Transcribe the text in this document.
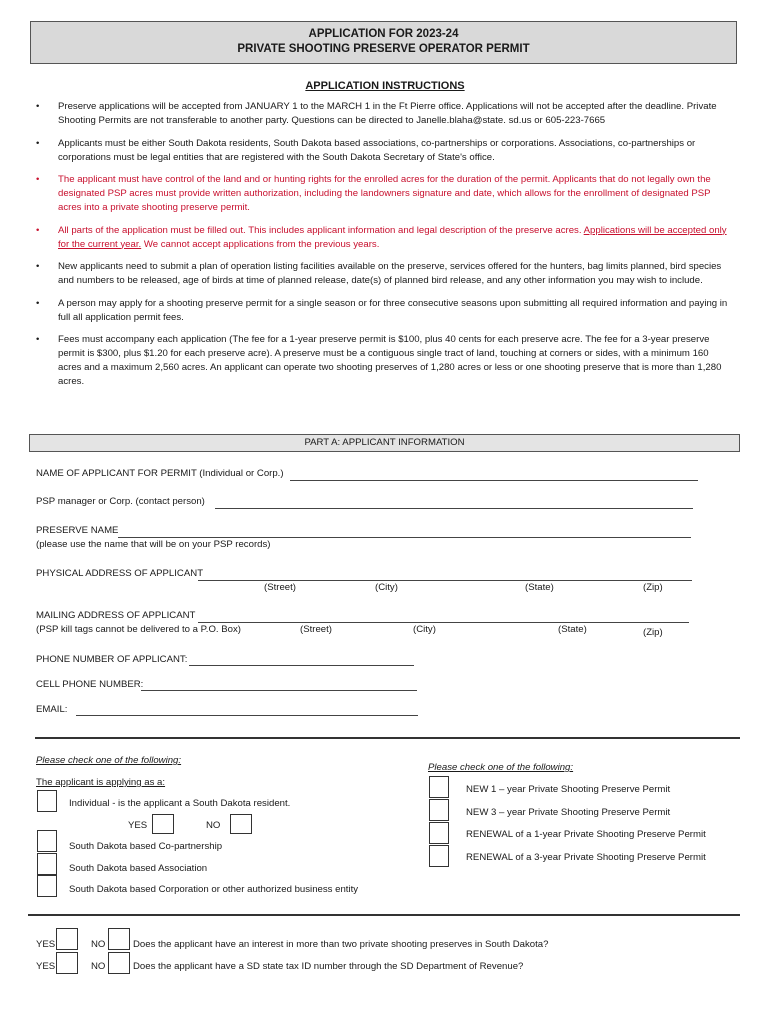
APPLICATION FOR 2023-24
PRIVATE SHOOTING PRESERVE OPERATOR PERMIT
APPLICATION INSTRUCTIONS
• Preserve applications will be accepted from JANUARY 1 to the MARCH 1 in the Ft Pierre office. Applications will not be accepted after the deadline. Private Shooting Permits are not transferable to another party. Questions can be directed to Janelle.blaha@state. sd.us or 605-223-7665
• Applicants must be either South Dakota residents, South Dakota based associations, co-partnerships or corporations. Associations, co-partnerships or corporations must be legal entities that are registered with the South Dakota Secretary of State's office.
• The applicant must have control of the land and or hunting rights for the enrolled acres for the duration of the permit. Applicants that do not legally own the designated PSP acres must provide written authorization, including the landowners signature and date, which allows for the enrollment of designated PSP acres into a private shooting preserve permit.
• All parts of the application must be filled out. This includes applicant information and legal description of the preserve acres. Applications will be accepted only for the current year. We cannot accept applications from the previous years.
• New applicants need to submit a plan of operation listing facilities available on the preserve, services offered for the hunters, bag limits planned, bird species and numbers to be released, age of birds at time of planned release, date(s) of planned bird release, and any other information you may wish to include.
• A person may apply for a shooting preserve permit for a single season or for three consecutive seasons upon submitting all required information and paying in full all application permit fees.
• Fees must accompany each application (The fee for a 1-year preserve permit is $100, plus 40 cents for each preserve acre. The fee for a 3-year preserve permit is $300, plus $1.20 for each preserve acre). A preserve must be a contiguous single tract of land, touching at corners or sides, with a minimum 160 acres and a maximum 2,560 acres. An applicant can operate two shooting preserves of 1,280 acres or less or one shooting preserve that is more than 1,280 acres.
PART A: APPLICANT INFORMATION
NAME OF APPLICANT FOR PERMIT (Individual or Corp.)
PSP manager or Corp. (contact person)
PRESERVE NAME
(please use the name that will be on your PSP records)
PHYSICAL ADDRESS OF APPLICANT
(Street)	(City)	(State)	(Zip)
MAILING ADDRESS OF APPLICANT
(PSP kill tags cannot be delivered to a P.O. Box)	(Street)	(City)	(State)	(Zip)
PHONE NUMBER OF APPLICANT:
CELL PHONE NUMBER:
EMAIL:
Please check one of the following:
The applicant is applying as a:
Individual - is the applicant a South Dakota resident.
YES	NO
South Dakota based Co-partnership
South Dakota based Association
South Dakota based Corporation or other authorized business entity
Please check one of the following:
NEW 1 – year Private Shooting Preserve Permit
NEW 3 – year Private Shooting Preserve Permit
RENEWAL of a 1-year Private Shooting Preserve Permit
RENEWAL of a 3-year Private Shooting Preserve Permit
YES	NO	Does the applicant have an interest in more than two private shooting preserves in South Dakota?
YES	NO	Does the applicant have a SD state tax ID number through the SD Department of Revenue?
